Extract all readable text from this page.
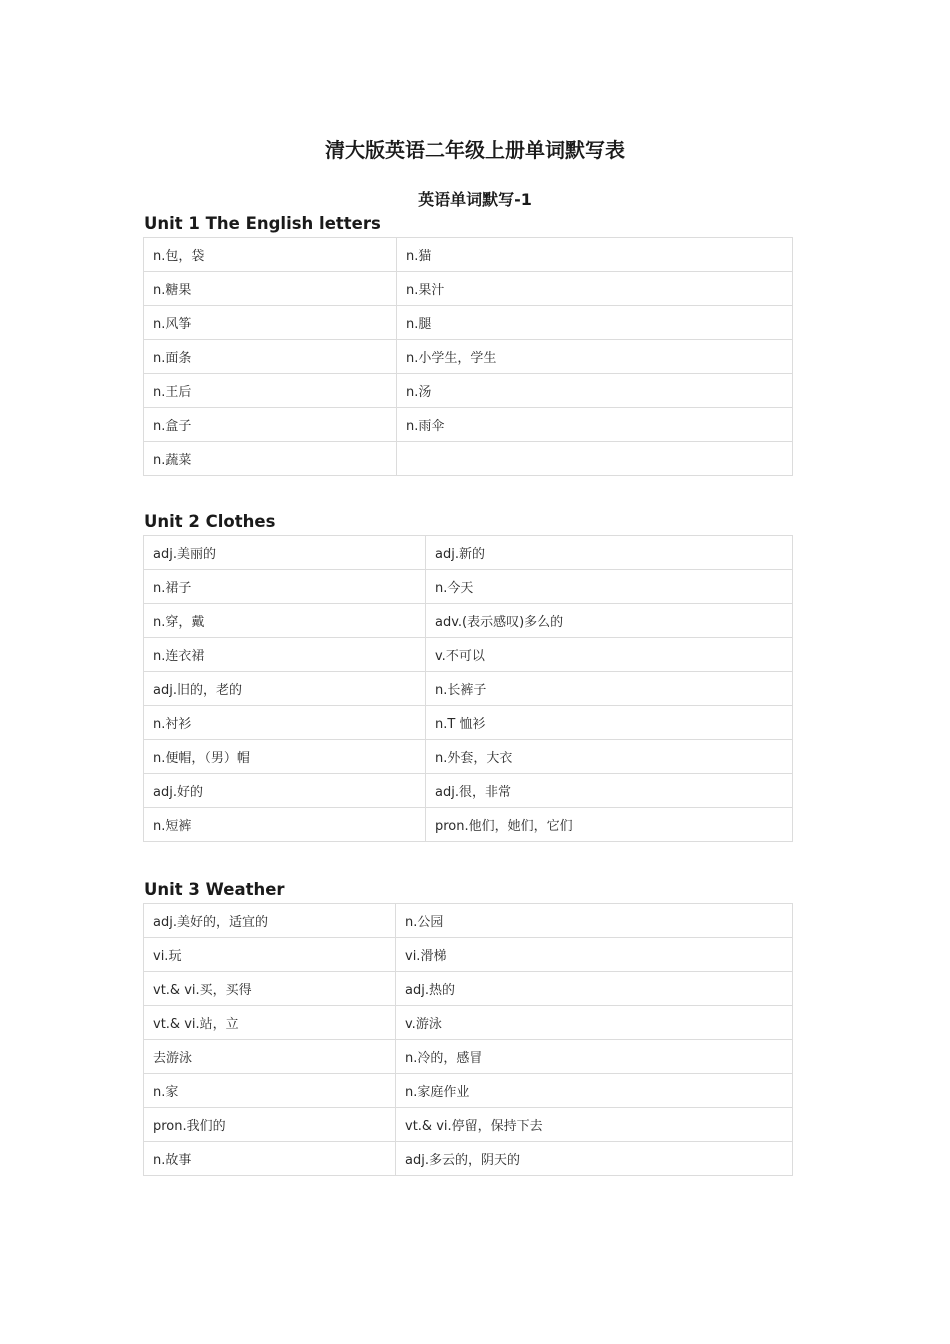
清大版英语二年级上册单词默写表
英语单词默写-1
Unit 1 The English letters
n.包，袋	n.猫
n.糖果	n.果汁
n.风筝	n.腿
n.面条	n.小学生，学生
n.王后	n.汤
n.盒子	n.雨伞
n.蔬菜	
Unit 2 Clothes
adj.美丽的	adj.新的
n.裙子	n.今天
n.穿，戴	adv.(表示感叹)多么的
n.连衣裙	v.不可以
adj.旧的，老的	n.长裤子
n.衬衫	n.T 恤衫
n.便帽，（男）帽	n.外套，大衣
adj.好的	adj.很，非常
n.短裤	pron.他们，她们，它们
Unit 3 Weather
adj.美好的，适宜的	n.公园
vi.玩	vi.滑梯
vt.& vi.买，买得	adj.热的
vt.& vi.站，立	v.游泳
去游泳	n.冷的，感冒
n.家	n.家庭作业
pron.我们的	vt.& vi.停留，保持下去
n.故事	adj.多云的，阴天的
